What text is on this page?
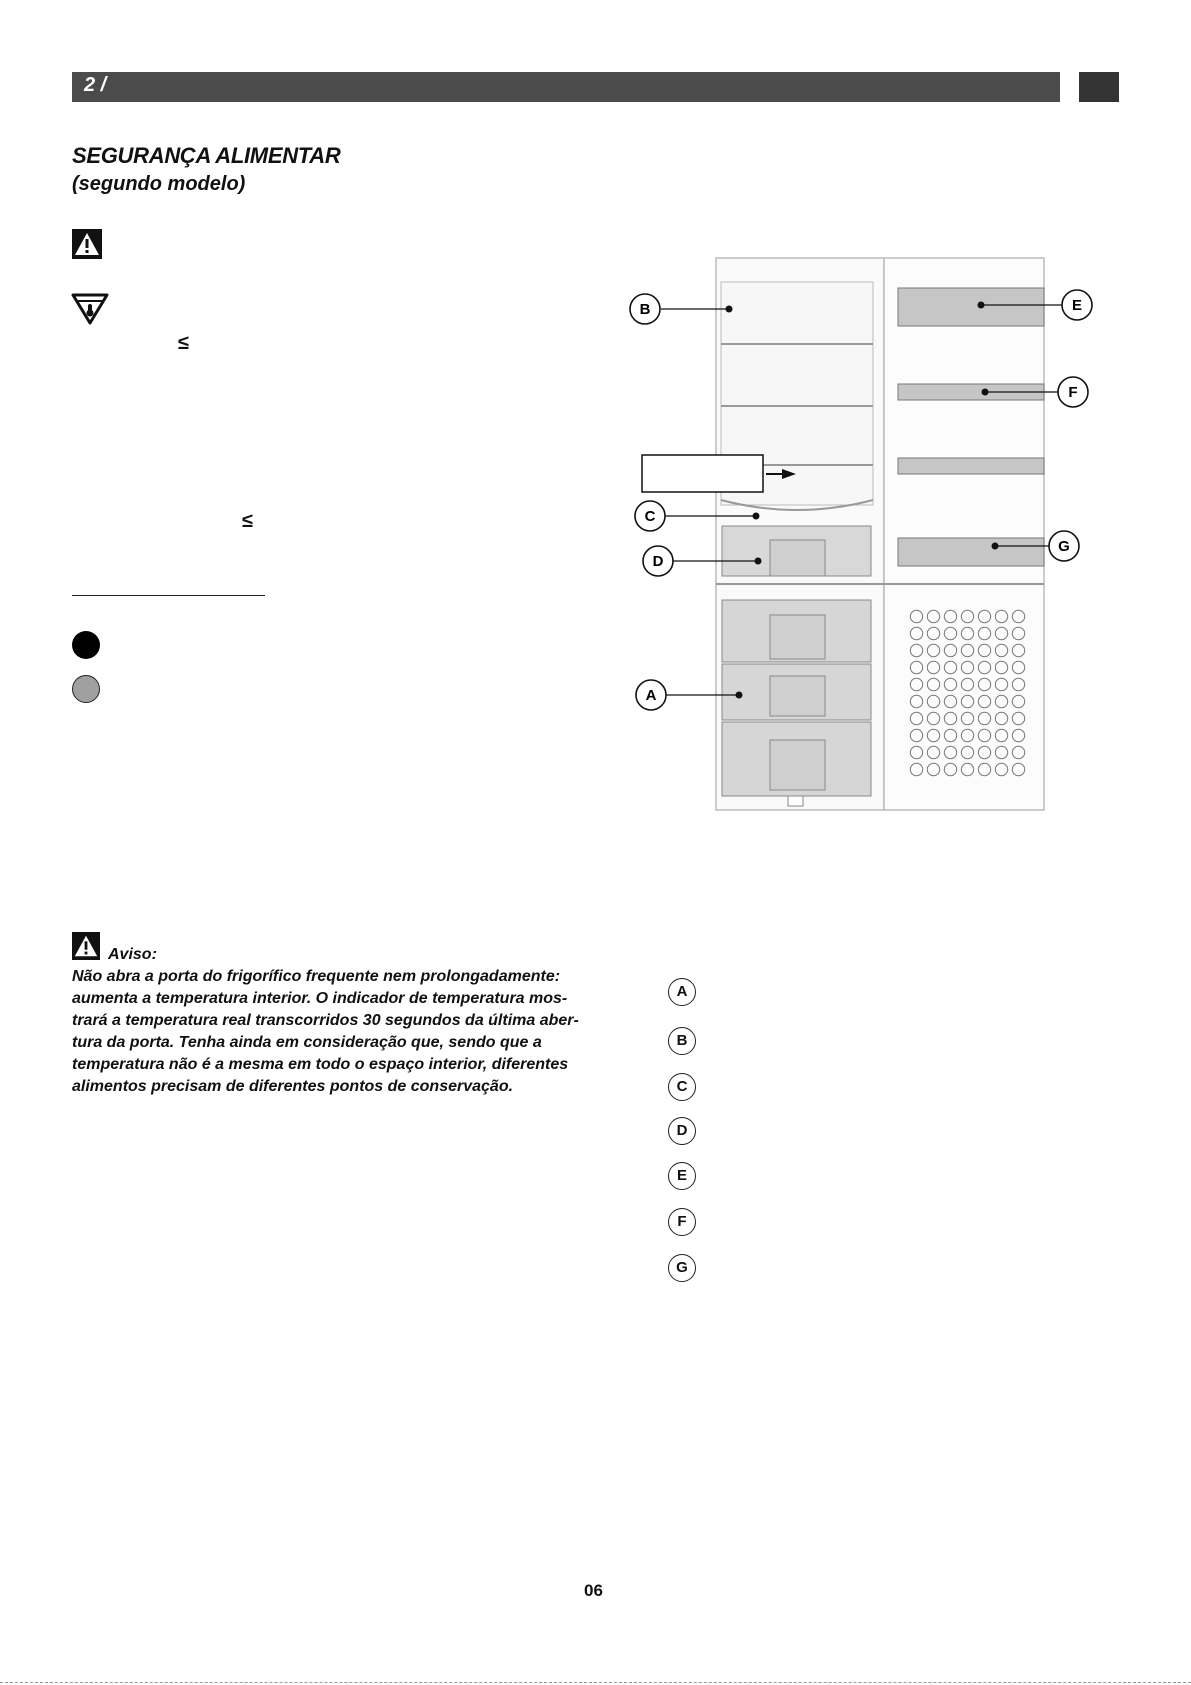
2 /
SEGURANÇA ALIMENTAR
(segundo modelo)
≤
≤
B
C
D
A
E
F
G
Aviso:
Não abra a porta do frigorífico frequente nem prolongadamente:
aumenta a temperatura interior. O indicador de temperatura mos-
trará a temperatura real transcorridos 30 segundos da última aber-
tura da porta. Tenha ainda em consideração que, sendo que a
temperatura não é a mesma em todo o espaço interior, diferentes
alimentos precisam de diferentes pontos de conservação.
A
B
C
D
E
F
G
06
